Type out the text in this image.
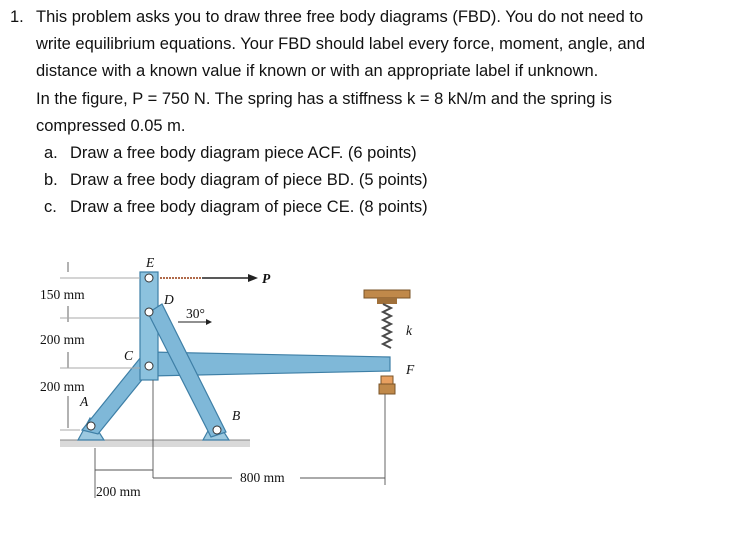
1. This problem asks you to draw three free body diagrams (FBD). You do not need to
write equilibrium equations. Your FBD should label every force, moment, angle, and
distance with a known value if known or with an appropriate label if unknown.
In the figure, P = 750 N. The spring has a stiffness k = 8 kN/m and the spring is
compressed 0.05 m.
a. Draw a free body diagram piece ACF. (6 points)
b. Draw a free body diagram of piece BD. (5 points)
c. Draw a free body diagram of piece CE. (8 points)
E
D
C
A
B
P
k
F
30°
150 mm
200 mm
200 mm
200 mm
800 mm
